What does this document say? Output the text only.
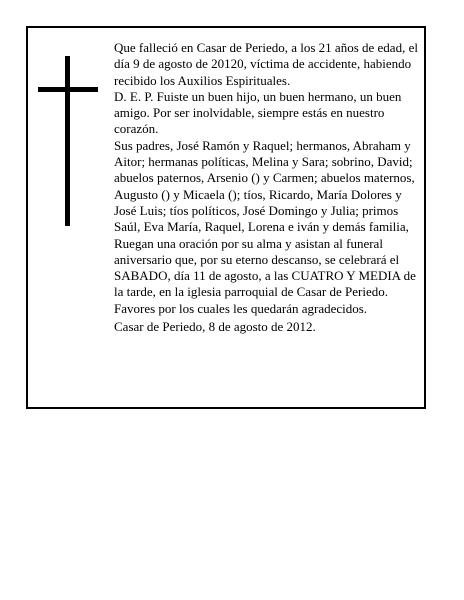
Que falleció en Casar de Periedo, a los 21 años de edad, el día 9 de agosto de 20120, víctima de accidente, habiendo recibido los Auxilios Espirituales.

D. E. P. Fuiste un buen hijo, un buen hermano, un buen amigo. Por ser inolvidable, siempre estás en nuestro corazón.

Sus padres, José Ramón y Raquel; hermanos, Abraham y Aitor; hermanas políticas, Melina y Sara; sobrino, David; abuelos paternos, Arsenio () y Carmen; abuelos maternos, Augusto () y Micaela (); tíos, Ricardo, María Dolores y José Luis; tíos políticos, José Domingo y Julia; primos Saúl, Eva María, Raquel, Lorena e iván y demás familia,

Ruegan una oración por su alma y asistan al funeral aniversario que, por su eterno descanso, se celebrará el SABADO, día 11 de agosto, a las CUATRO Y MEDIA de la tarde, en la iglesia parroquial de Casar de Periedo. Favores por los cuales les quedarán agradecidos.

Casar de Periedo, 8 de agosto de 2012.
